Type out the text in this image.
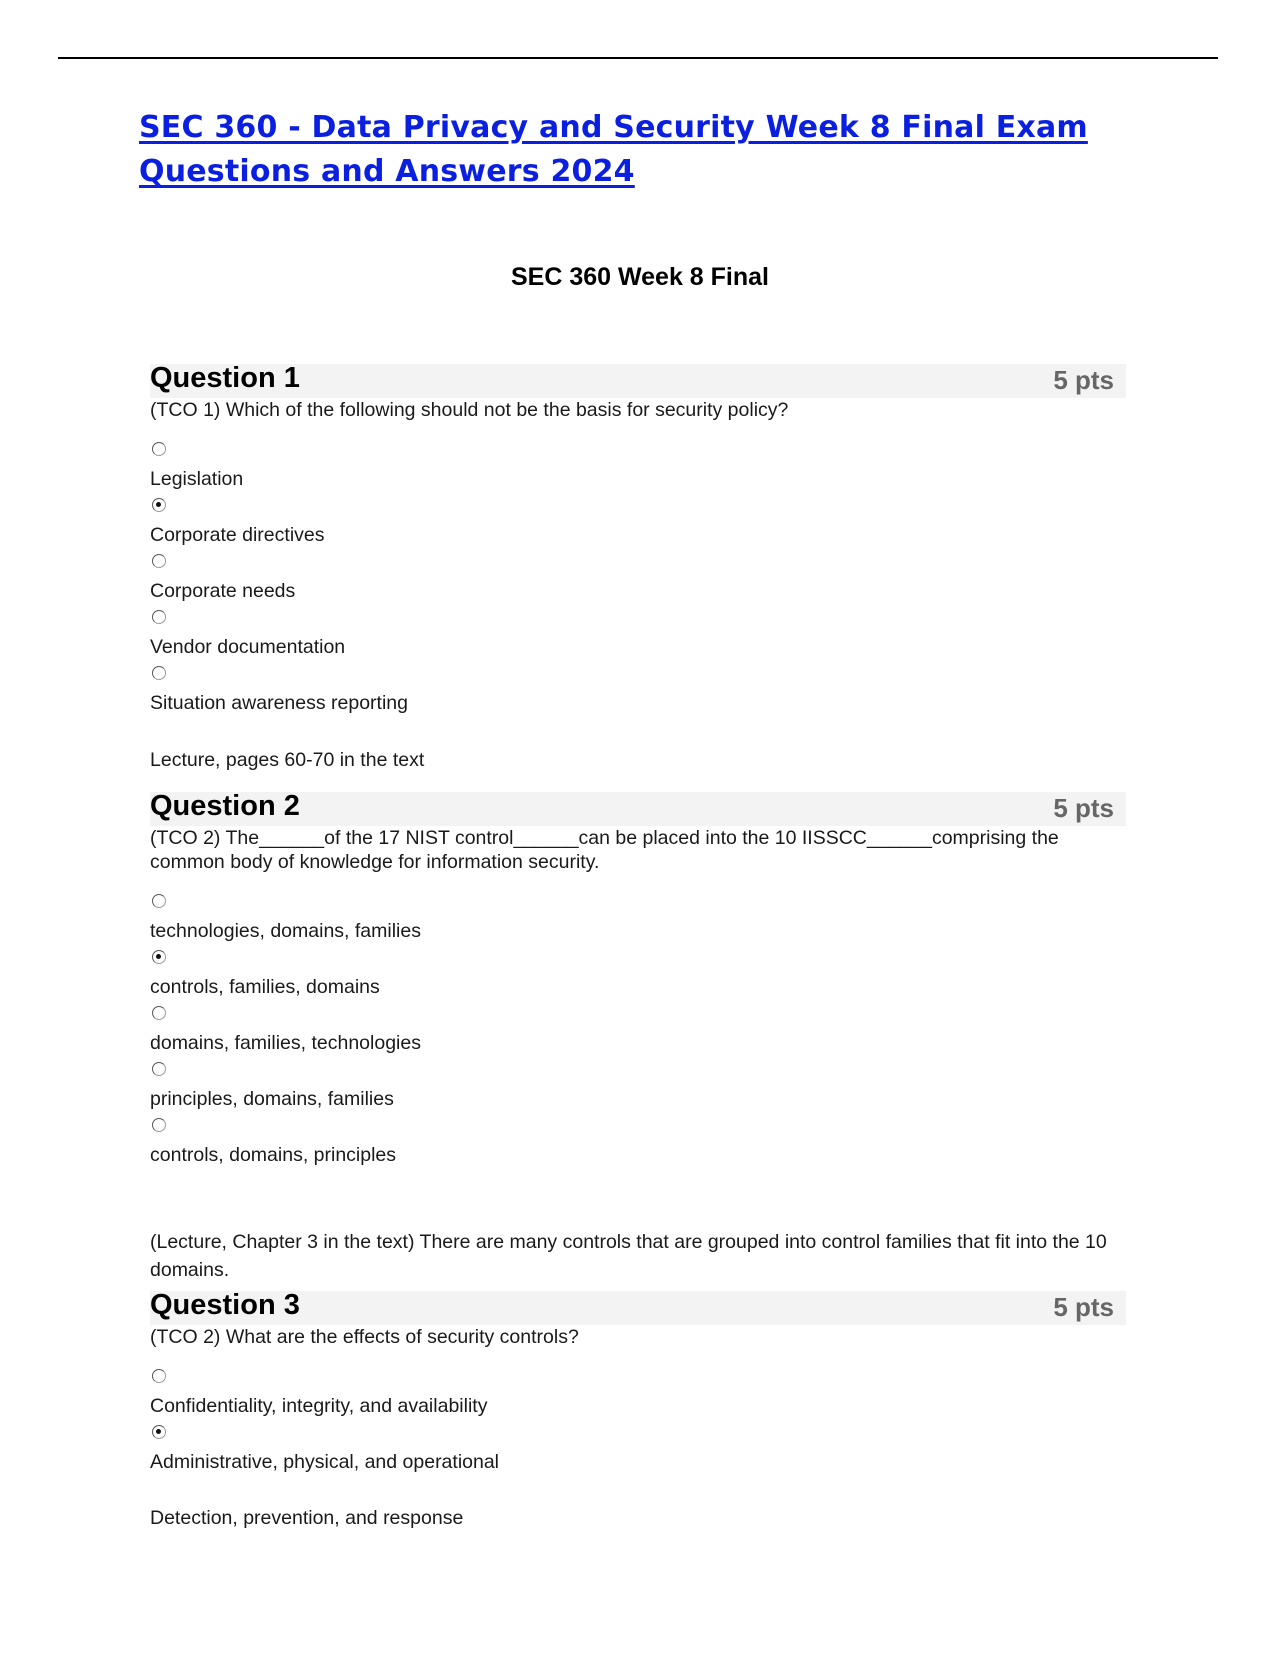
SEC 360 - Data Privacy and Security Week 8 Final Exam Questions and Answers 2024
SEC 360 Week 8 Final
Question 1	5 pts
(TCO 1) Which of the following should not be the basis for security policy?
Legislation
Corporate directives
Corporate needs
Vendor documentation
Situation awareness reporting
Lecture, pages 60-70 in the text
Question 2	5 pts
(TCO 2) The______of the 17 NIST control______can be placed into the 10 IISSCC______comprising the common body of knowledge for information security.
technologies, domains, families
controls, families, domains
domains, families, technologies
principles, domains, families
controls, domains, principles
(Lecture, Chapter 3 in the text) There are many controls that are grouped into control families that fit into the 10 domains.
Question 3	5 pts
(TCO 2) What are the effects of security controls?
Confidentiality, integrity, and availability
Administrative, physical, and operational
Detection, prevention, and response
